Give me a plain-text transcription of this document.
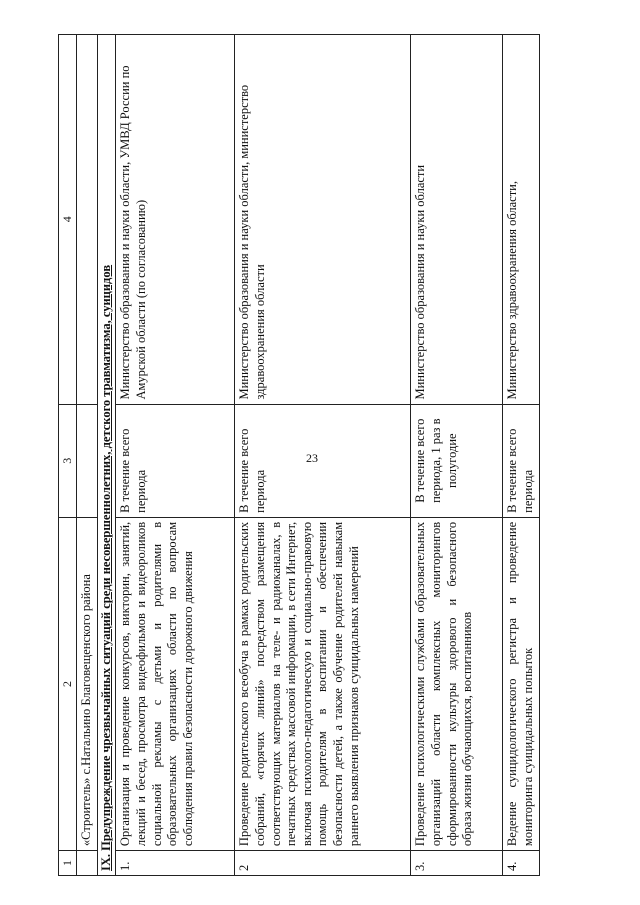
23
1	2	3	4
	«Строитель» с.Натальино Благовещенского района		
IX. Предупреждение чрезвычайных ситуаций среди несовершеннолетних, детского травматизма, суицидов			
1.	Организация и проведение конкурсов, викторин, занятий, лекций и бесед, просмотра видеофильмов и видеороликов социальной рекламы с детьми и родителями в образовательных организациях области по вопросам соблюдения правил безопасности дорожного движения	В течение всего периода	Министерство образования и науки области, УМВД России по Амурской области (по согласованию)
2	Проведение родительского всеобуча в рамках родительских собраний, «горячих линий» посредством размещения соответствующих материалов на теле- и радиоканалах, в печатных средствах массовой информации, в сети Интернет, включая психолого-педагогическую и социально-правовую помощь родителям в воспитании и обеспечении безопасности детей, а также обучение родителей навыкам раннего выявления признаков суицидальных намерений	В течение всего периода	Министерство образования и науки области, министерство здравоохранения области
3.	Проведение психологическими службами образовательных организаций области комплексных мониторингов сформированности культуры здорового и безопасного образа жизни обучающихся, воспитанников	В течение всего периода, 1 раз в полугодие	Министерство образования и науки области
4.	Ведение суицидологического регистра и проведение мониторинга суицидальных попыток	В течение всего периода	Министерство здравоохранения области,
